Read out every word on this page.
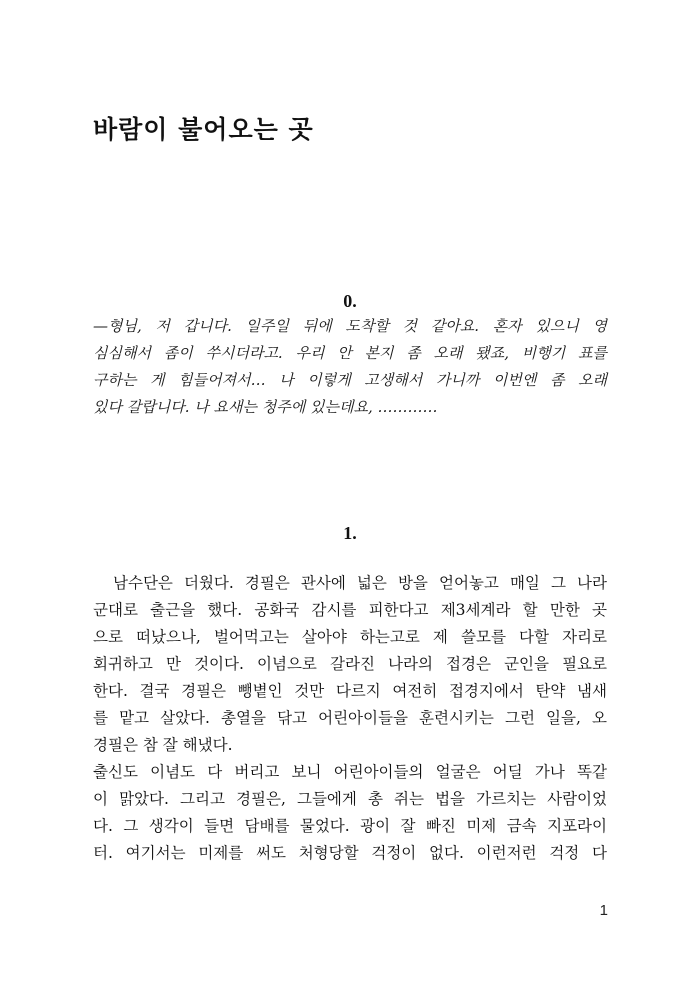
바람이 불어오는 곳
0.
—형님, 저 갑니다. 일주일 뒤에 도착할 것 같아요. 혼자 있으니 영
심심해서 좀이 쑤시더라고. 우리 안 본지 좀 오래 됐죠, 비행기 표를
구하는 게 힘들어져서… 나 이렇게 고생해서 가니까 이번엔 좀 오래
있다 갈랍니다. 나 요새는 청주에 있는데요, …………
1.
남수단은 더웠다. 경필은 관사에 넓은 방을 얻어놓고 매일 그 나라
군대로 출근을 했다. 공화국 감시를 피한다고 제3세계라 할 만한 곳
으로 떠났으나, 벌어먹고는 살아야 하는고로 제 쓸모를 다할 자리로
회귀하고 만 것이다. 이념으로 갈라진 나라의 접경은 군인을 필요로
한다. 결국 경필은 뺑볕인 것만 다르지 여전히 접경지에서 탄약 냄새
를 맡고 살았다. 총열을 닦고 어린아이들을 훈련시키는 그런 일을, 오
경필은 참 잘 해냈다.
출신도 이념도 다 버리고 보니 어린아이들의 얼굴은 어딜 가나 똑같
이 맑았다. 그리고 경필은, 그들에게 총 쥐는 법을 가르치는 사람이었
다. 그 생각이 들면 담배를 물었다. 광이 잘 빠진 미제 금속 지포라이
터. 여기서는 미제를 써도 처형당할 걱정이 없다. 이런저런 걱정 다
1
